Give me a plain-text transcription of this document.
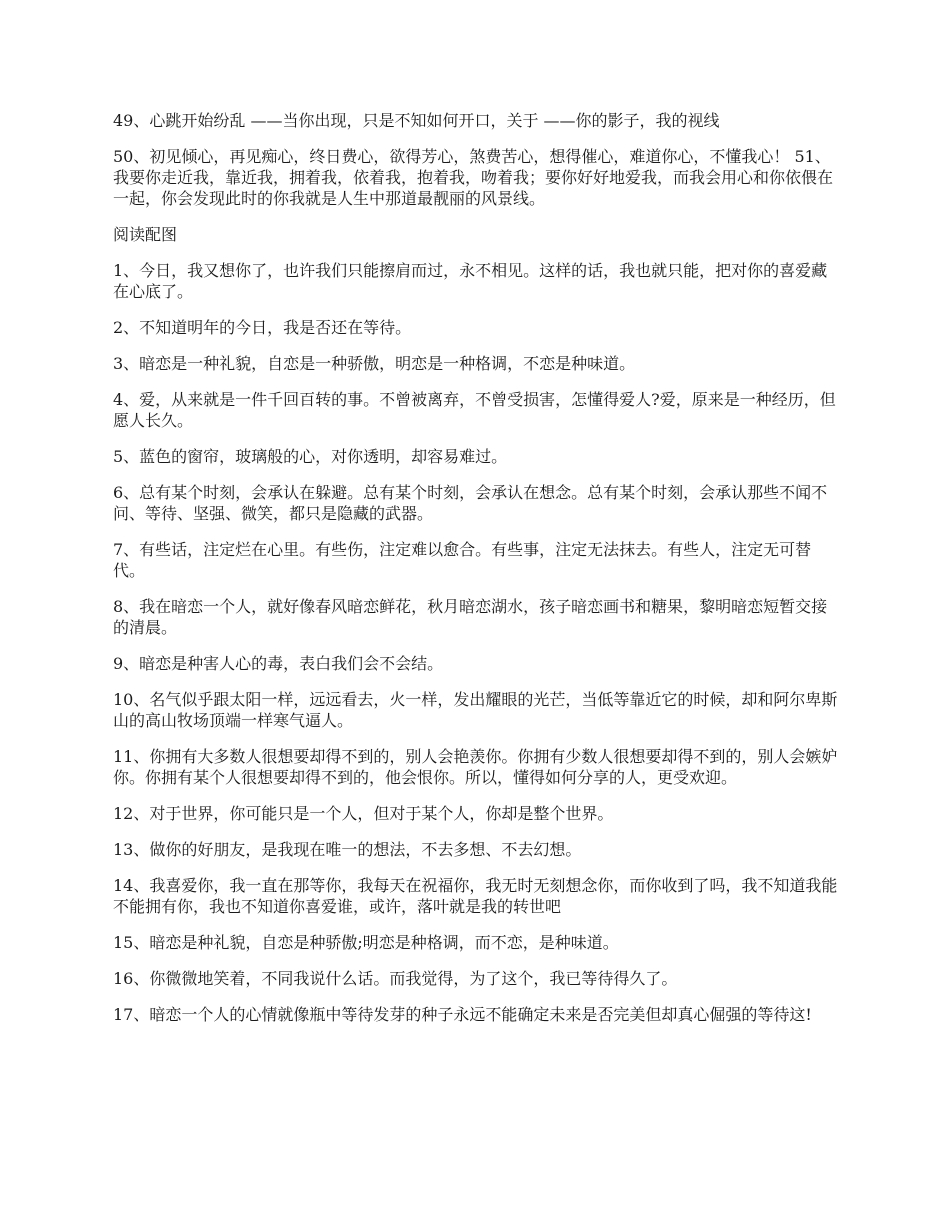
49、心跳开始纷乱 ——当你出现，只是不知如何开口，关于 ——你的影子，我的视线

50、初见倾心，再见痴心，终日费心，欲得芳心，煞费苦心，想得催心，难道你心，不懂我心！ 51、我要你走近我，靠近我，拥着我，依着我，抱着我，吻着我；要你好好地爱我，而我会用心和你依偎在一起，你会发现此时的你我就是人生中那道最靓丽的风景线。

阅读配图

1、今日，我又想你了，也许我们只能擦肩而过，永不相见。这样的话，我也就只能，把对你的喜爱藏在心底了。

2、不知道明年的今日，我是否还在等待。

3、暗恋是一种礼貌，自恋是一种骄傲，明恋是一种格调，不恋是种味道。

4、爱，从来就是一件千回百转的事。不曾被离弃，不曾受损害，怎懂得爱人?爱，原来是一种经历，但愿人长久。

5、蓝色的窗帘，玻璃般的心，对你透明，却容易难过。

6、总有某个时刻，会承认在躲避。总有某个时刻，会承认在想念。总有某个时刻，会承认那些不闻不问、等待、坚强、微笑，都只是隐藏的武器。

7、有些话，注定烂在心里。有些伤，注定难以愈合。有些事，注定无法抹去。有些人，注定无可替代。

8、我在暗恋一个人，就好像春风暗恋鲜花，秋月暗恋湖水，孩子暗恋画书和糖果，黎明暗恋短暂交接的清晨。

9、暗恋是种害人心的毒，表白我们会不会结。

10、名气似乎跟太阳一样，远远看去，火一样，发出耀眼的光芒，当低等靠近它的时候，却和阿尔卑斯山的高山牧场顶端一样寒气逼人。

11、你拥有大多数人很想要却得不到的，别人会艳羡你。你拥有少数人很想要却得不到的，别人会嫉妒你。你拥有某个人很想要却得不到的，他会恨你。所以，懂得如何分享的人，更受欢迎。

12、对于世界，你可能只是一个人，但对于某个人，你却是整个世界。

13、做你的好朋友，是我现在唯一的想法，不去多想、不去幻想。

14、我喜爱你，我一直在那等你，我每天在祝福你，我无时无刻想念你，而你收到了吗，我不知道我能不能拥有你，我也不知道你喜爱谁，或许，落叶就是我的转世吧

15、暗恋是种礼貌，自恋是种骄傲;明恋是种格调，而不恋，是种味道。

16、你微微地笑着，不同我说什么话。而我觉得，为了这个，我已等待得久了。

17、暗恋一个人的心情就像瓶中等待发芽的种子永远不能确定未来是否完美但却真心倔强的等待这!
